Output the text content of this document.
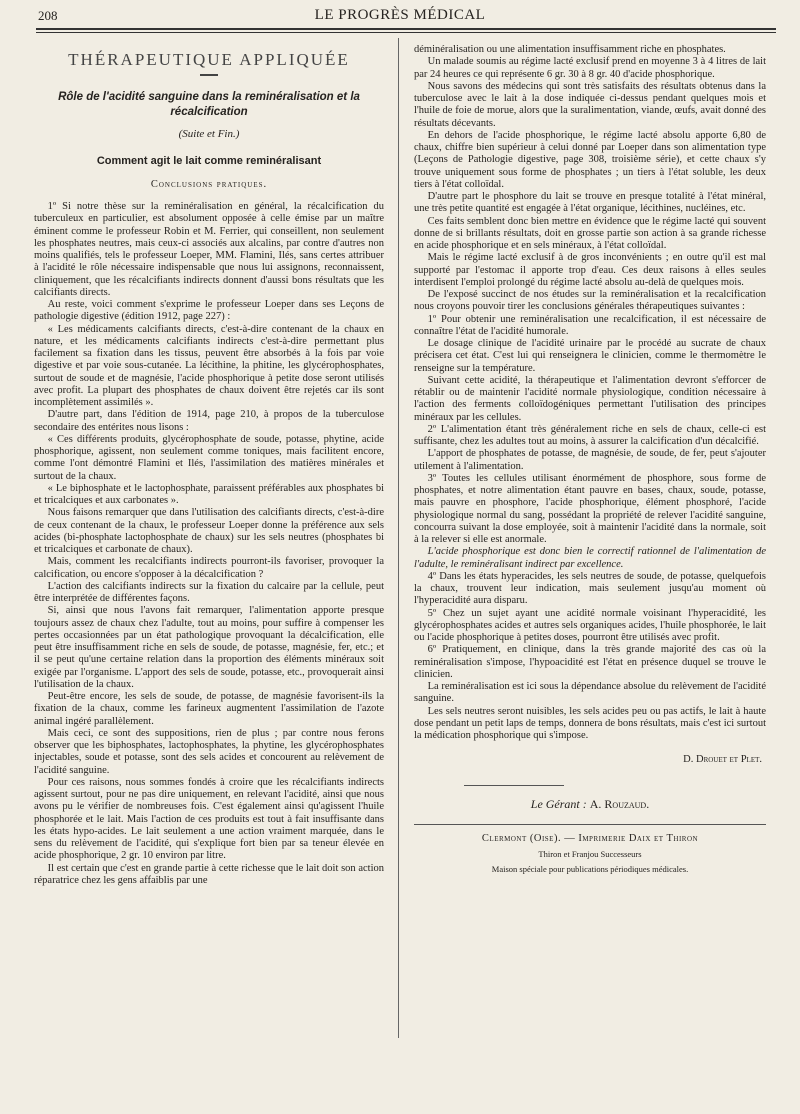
208	LE PROGRÈS MÉDICAL
THÉRAPEUTIQUE APPLIQUÉE
Rôle de l'acidité sanguine dans la reminéralisation et la récalcification
(Suite et Fin.)
Comment agit le lait comme reminéralisant
Conclusions pratiques.

1º Si notre thèse sur la reminéralisation en général, la récalcification du tuberculeux en particulier, est absolument opposée à celle émise par un maître éminent comme le professeur Robin et M. Ferrier, qui conseillent, non seulement les phosphates neutres, mais ceux-ci associés aux alcalins, par contre d'autres non moins qualifiés, tels le professeur Loeper, MM. Flamini, Ilés, sans certes attribuer à l'acidité le rôle nécessaire indispensable que nous lui assignons, reconnaissent, cliniquement, que les récalcifiants indirects donnent d'aussi bons résultats que les calcifiants directs.

Au reste, voici comment s'exprime le professeur Loeper dans ses Leçons de pathologie digestive (édition 1912, page 227) :

« Les médicaments calcifiants directs, c'est-à-dire contenant de la chaux en nature, et les médicaments calcifiants indirects c'est-à-dire permettant plus facilement sa fixation dans les tissus, peuvent être absorbés à la fois par voie digestive et par voie sous-cutanée. La lécithine, la phitine, les glycérophosphates, surtout de soude et de magnésie, l'acide phosphorique à petite dose seront utilisés avec profit. La plupart des phosphates de chaux doivent être rejetés car ils sont incomplètement assimilés ».

D'autre part, dans l'édition de 1914, page 210, à propos de la tuberculose secondaire des entérites nous lisons :

« Ces différents produits, glycérophosphate de soude, potasse, phytine, acide phosphorique, agissent, non seulement comme toniques, mais facilitent encore, comme l'ont démontré Flamini et Ilés, l'assimilation des matières minérales et surtout de la chaux.

« Le biphosphate et le lactophosphate, paraissent préférables aux phosphates bi et tricalciques et aux carbonates ».

Nous faisons remarquer que dans l'utilisation des calcifiants directs, c'est-à-dire de ceux contenant de la chaux, le professeur Loeper donne la préférence aux sels acides (bi-phosphate lactophosphate de chaux) sur les sels neutres (phosphates bi et tricalciques et carbonate de chaux).

Mais, comment les recalcifiants indirects pourront-ils favoriser, provoquer la calcification, ou encore s'opposer à la décalcification ?

L'action des calcifiants indirects sur la fixation du calcaire par la cellule, peut être interprétée de différentes façons.

Si, ainsi que nous l'avons fait remarquer, l'alimentation apporte presque toujours assez de chaux chez l'adulte, tout au moins, pour suffire à compenser les pertes occasionnées par un état pathologique provoquant la décalcification, elle peut être insuffisamment riche en sels de soude, de potasse, magnésie, fer, etc.; et il se peut qu'une certaine relation dans la proportion des éléments minéraux soit exigée par l'organisme. L'apport des sels de soude, potasse, etc., provoquerait ainsi l'utilisation de la chaux.

Peut-être encore, les sels de soude, de potasse, de magnésie favorisent-ils la fixation de la chaux, comme les farineux augmentent l'assimilation de l'azote animal ingéré parallèlement.

Mais ceci, ce sont des suppositions, rien de plus ; par contre nous ferons observer que les biphosphates, lactophosphates, la phytine, les glycérophosphates injectables, soude et potasse, sont des sels acides et concourent au relèvement de l'acidité sanguine.

Pour ces raisons, nous sommes fondés à croire que les récalcifiants indirects agissent surtout, pour ne pas dire uniquement, en relevant l'acidité, ainsi que nous avons pu le vérifier de nombreuses fois. C'est également ainsi qu'agissent l'huile phosphorée et le lait. Mais l'action de ces produits est tout à fait insuffisante dans les états hypo-acides. Le lait seulement a une action vraiment marquée, dans le sens du relèvement de l'acidité, qui s'explique fort bien par sa teneur élevée en acide phosphorique, 2 gr. 10 environ par litre.

Il est certain que c'est en grande partie à cette richesse que le lait doit son action réparatrice chez les gens affaiblis par une

déminéralisation ou une alimentation insuffisamment riche en phosphates.

Un malade soumis au régime lacté exclusif prend en moyenne 3 à 4 litres de lait par 24 heures ce qui représente 6 gr. 30 à 8 gr. 40 d'acide phosphorique.

Nous savons des médecins qui sont très satisfaits des résultats obtenus dans la tuberculose avec le lait à la dose indiquée ci-dessus pendant quelques mois et l'huile de foie de morue, alors que la suralimentation, viande, œufs, avait donné des résultats décevants.

En dehors de l'acide phosphorique, le régime lacté absolu apporte 6,80 de chaux, chiffre bien supérieur à celui donné par Loeper dans son alimentation type (Leçons de Pathologie digestive, page 308, troisième série), et cette chaux s'y trouve uniquement sous forme de phosphates ; un tiers à l'état soluble, les deux tiers à l'état colloïdal.

D'autre part le phosphore du lait se trouve en presque totalité à l'état minéral, une très petite quantité est engagée à l'état organique, lécithines, nucléines, etc.

Ces faits semblent donc bien mettre en évidence que le régime lacté qui souvent donne de si brillants résultats, doit en grosse partie son action à sa grande richesse en acide phosphorique et en sels minéraux, à l'état colloïdal.

Mais le régime lacté exclusif à de gros inconvénients ; en outre qu'il est mal supporté par l'estomac il apporte trop d'eau. Ces deux raisons à elles seules interdisent l'emploi prolongé du régime lacté absolu au-delà de quelques mois.

De l'exposé succinct de nos études sur la reminéralisation et la recalcification nous croyons pouvoir tirer les conclusions générales thérapeutiques suivantes :

1º Pour obtenir une reminéralisation une recalcification, il est nécessaire de connaître l'état de l'acidité humorale.

Le dosage clinique de l'acidité urinaire par le procédé au sucrate de chaux précisera cet état. C'est lui qui renseignera le clinicien, comme le thermomètre le renseigne sur la température.

Suivant cette acidité, la thérapeutique et l'alimentation devront s'efforcer de rétablir ou de maintenir l'acidité normale physiologique, condition nécessaire à l'action des ferments colloïdogéniques permettant l'utilisation des principes minéraux par les cellules.

2º L'alimentation étant très généralement riche en sels de chaux, celle-ci est suffisante, chez les adultes tout au moins, à assurer la calcification d'un décalcifié.

L'apport de phosphates de potasse, de magnésie, de soude, de fer, peut s'ajouter utilement à l'alimentation.

3º Toutes les cellules utilisant énormément de phosphore, sous forme de phosphates, et notre alimentation étant pauvre en bases, chaux, soude, potasse, mais pauvre en phosphore, l'acide phosphorique, élément phosphoré, l'acide physiologique normal du sang, possédant la propriété de relever l'acidité sanguine, concourra suivant la dose employée, soit à maintenir l'acidité dans la normale, soit à la relever si elle est anormale.

L'acide phosphorique est donc bien le correctif rationnel de l'alimentation de l'adulte, le reminéralisant indirect par excellence.

4º Dans les états hyperacides, les sels neutres de soude, de potasse, quelquefois la chaux, trouvent leur indication, mais seulement jusqu'au moment où l'hyperacidité aura disparu.

5º Chez un sujet ayant une acidité normale voisinant l'hyperacidité, les glycérophosphates acides et autres sels organiques acides, l'huile phosphorée, le lait ou l'acide phosphorique à petites doses, pourront être utilisés avec profit.

6º Pratiquement, en clinique, dans la très grande majorité des cas où la reminéralisation s'impose, l'hypoacidité est l'état en présence duquel se trouve le clinicien.

La reminéralisation est ici sous la dépendance absolue du relèvement de l'acidité sanguine.

Les sels neutres seront nuisibles, les sels acides peu ou pas actifs, le lait à haute dose pendant un petit laps de temps, donnera de bons résultats, mais c'est ici surtout la médication phosphorique qui s'impose.

D. Drouet et Plet.
Le Gérant : A. Rouzaud.
Clermont (Oise). — Imprimerie Daix et Thiron
Thiron et Franjou Successeurs
Maison spéciale pour publications périodiques médicales.
